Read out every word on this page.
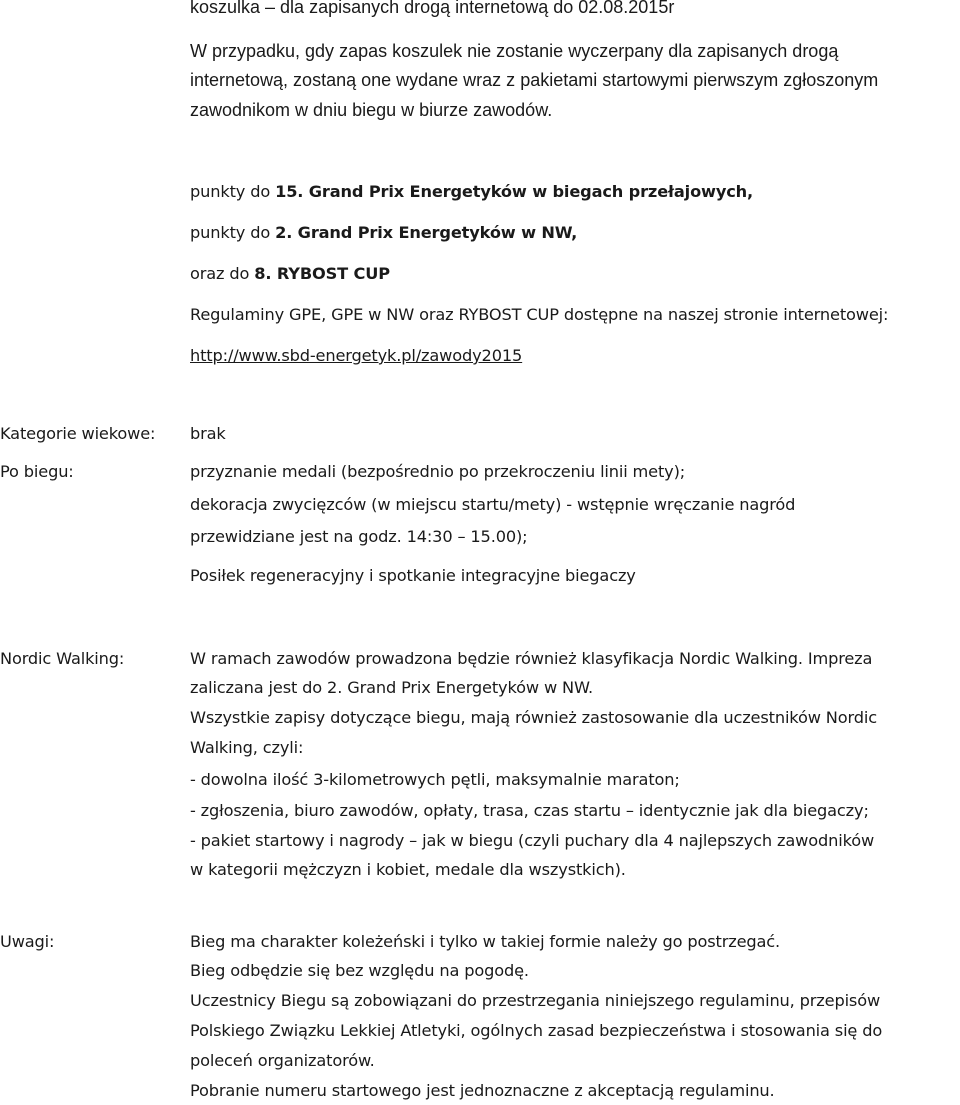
koszulka – dla zapisanych drogą internetową do 02.08.2015r
W przypadku, gdy zapas koszulek nie zostanie wyczerpany dla zapisanych drogą
internetową, zostaną one wydane wraz z pakietami startowymi pierwszym zgłoszonym
zawodnikom w dniu biegu w biurze zawodów.
punkty do 15. Grand Prix Energetyków w biegach przełajowych,
punkty do 2. Grand Prix Energetyków w NW,
oraz do 8. RYBOST CUP
Regulaminy GPE, GPE w NW oraz RYBOST CUP dostępne na naszej stronie internetowej:
http://www.sbd-energetyk.pl/zawody2015
Kategorie wiekowe: brak
Po biegu:	przyznanie medali (bezpośrednio po przekroczeniu linii mety);
dekoracja zwycięzców (w miejscu startu/mety) - wstępnie wręczanie nagród
przewidziane jest na godz. 14:30 – 15.00);
Posiłek regeneracyjny i spotkanie integracyjne biegaczy
Nordic Walking:	W ramach zawodów prowadzona będzie również klasyfikacja Nordic Walking. Impreza
zaliczana jest do 2. Grand Prix Energetyków w NW.
Wszystkie zapisy dotyczące biegu, mają również zastosowanie dla uczestników Nordic
Walking, czyli:
- dowolna ilość 3-kilometrowych pętli, maksymalnie maraton;
- zgłoszenia, biuro zawodów, opłaty, trasa, czas startu – identycznie jak dla biegaczy;
- pakiet startowy i nagrody – jak w biegu (czyli puchary dla 4 najlepszych zawodników
w kategorii mężczyzn i kobiet, medale dla wszystkich).
Uwagi:	Bieg ma charakter koleżeński i tylko w takiej formie należy go postrzegać.
Bieg odbędzie się bez względu na pogodę.
Uczestnicy Biegu są zobowiązani do przestrzegania niniejszego regulaminu, przepisów
Polskiego Związku Lekkiej Atletyki, ogólnych zasad bezpieczeństwa i stosowania się do
poleceń organizatorów.
Pobranie numeru startowego jest jednoznaczne z akceptacją regulaminu.
